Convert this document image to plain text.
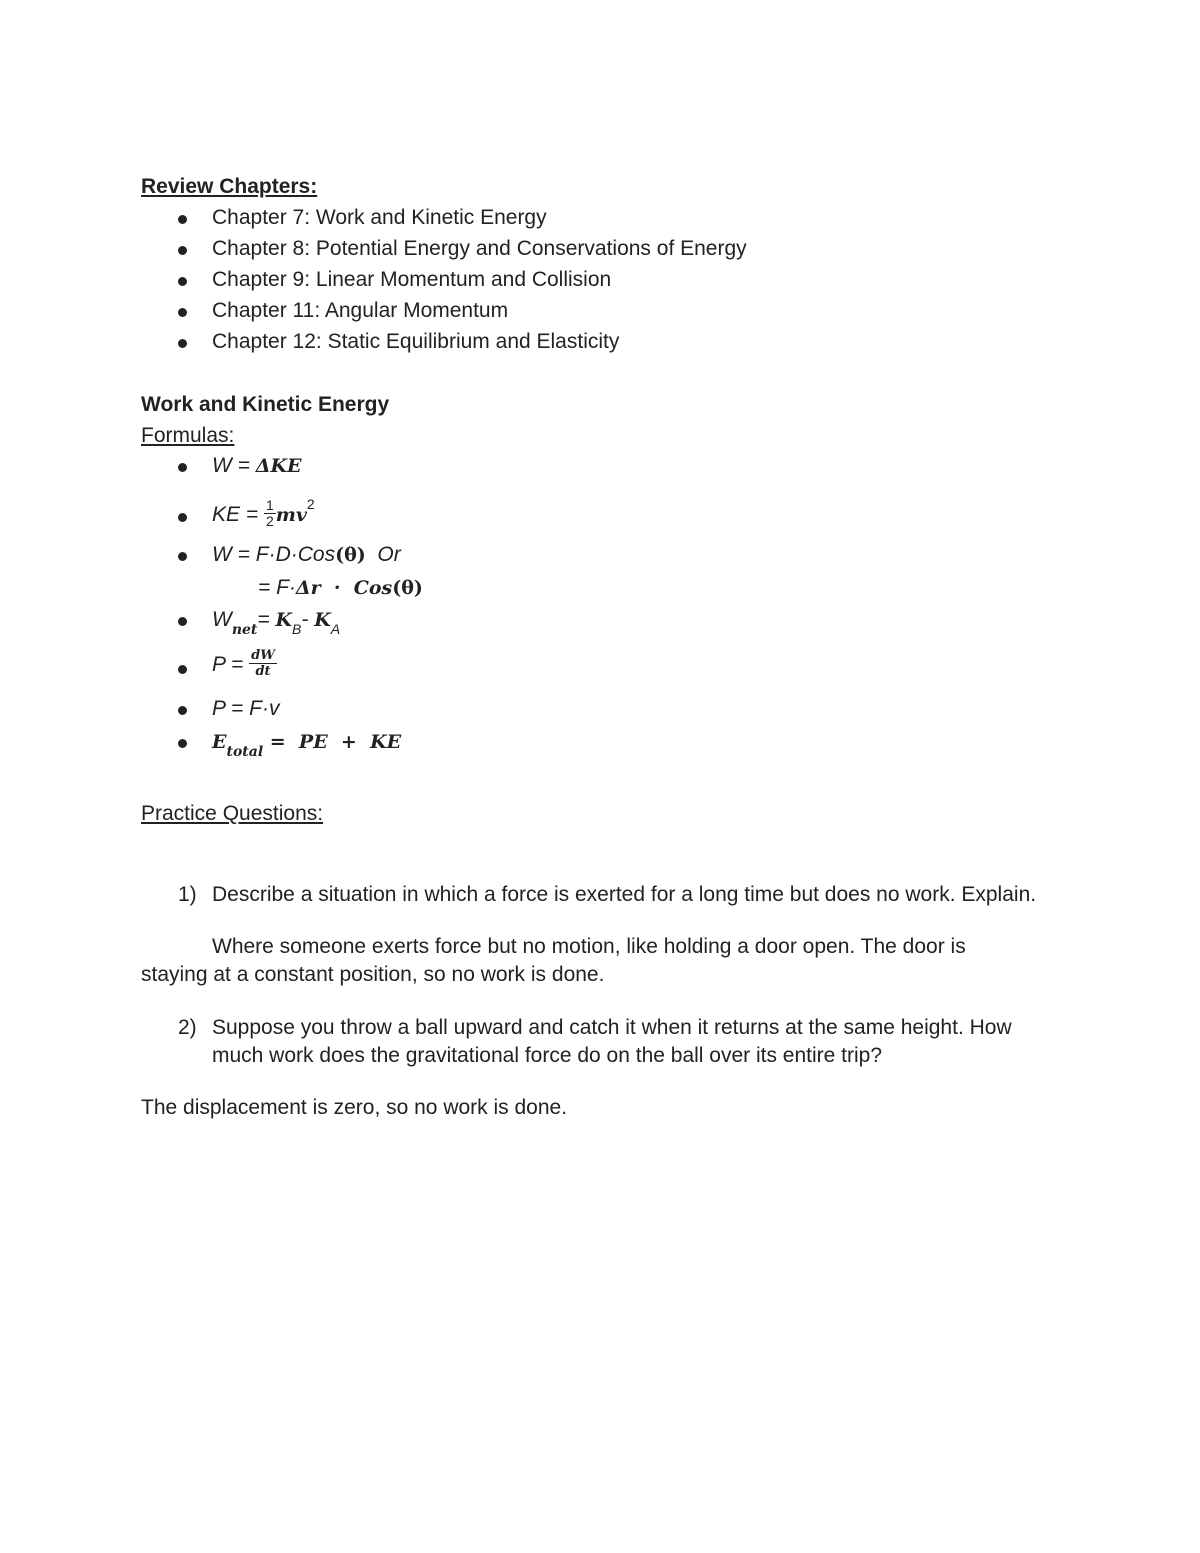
Review Chapters:
Chapter 7: Work and Kinetic Energy
Chapter 8: Potential Energy and Conservations of Energy
Chapter 9: Linear Momentum and Collision
Chapter 11: Angular Momentum
Chapter 12: Static Equilibrium and Elasticity
Work and Kinetic Energy
Formulas:
W = ΔKE
KE = $\frac{1}{2} mv^2$
W = F·D·Cos(θ)  Or
= F·Δr  ·  Cos(θ)
$W_{net}= K_B-$ $K_A$
$P = \frac{dW}{dt}$
P = F·v
$E_{total}$ =  PE  +  KE
Practice Questions:
1) Describe a situation in which a force is exerted for a long time but does no work. Explain.
Where someone exerts force but no motion, like holding a door open. The door is
staying at a constant position, so no work is done.
2) Suppose you throw a ball upward and catch it when it returns at the same height. How
much work does the gravitational force do on the ball over its entire trip?
The displacement is zero, so no work is done.
